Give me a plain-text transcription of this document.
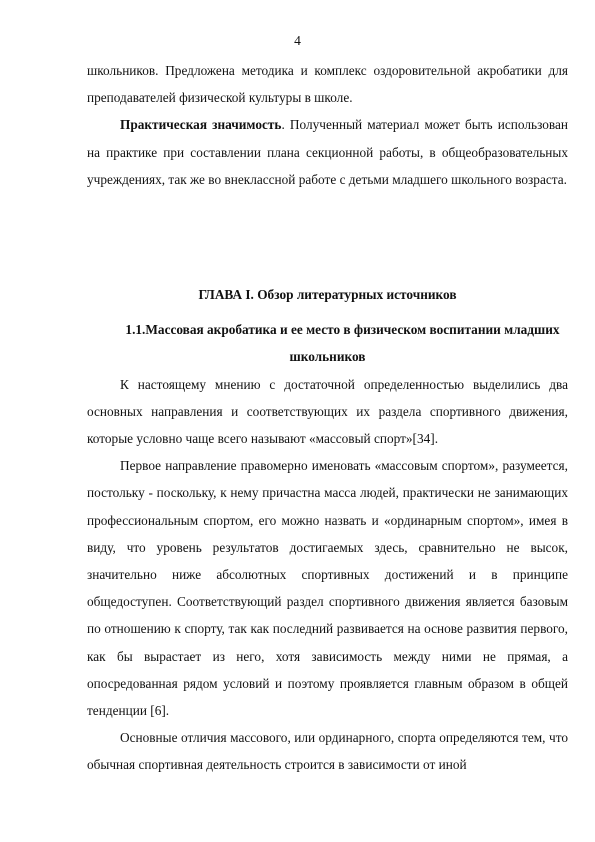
4

школьников. Предложена методика и комплекс оздоровительной акробатики для преподавателей физической культуры в школе.

Практическая значимость. Полученный материал может быть использован на практике при составлении плана секционной работы, в общеобразовательных учреждениях, так же во внеклассной работе с детьми младшего школьного возраста.

ГЛАВА I. Обзор литературных источников

1.1.Массовая акробатика и ее место в физическом воспитании младших школьников

К настоящему мнению с достаточной определенностью выделились два основных направления и соответствующих их раздела спортивного движения, которые условно чаще всего называют «массовый спорт»[34].

Первое направление правомерно именовать «массовым спортом», разумеется, постольку - поскольку, к нему причастна масса людей, практически не занимающих профессиональным спортом, его можно назвать и «ординарным спортом», имея в виду, что уровень результатов достигаемых здесь, сравнительно не высок, значительно ниже абсолютных спортивных достижений и в принципе общедоступен. Соответствующий раздел спортивного движения является базовым по отношению к спорту, так как последний развивается на основе развития первого, как бы вырастает из него, хотя зависимость между ними не прямая, а опосредованная рядом условий и поэтому проявляется главным образом в общей тенденции [6].

Основные отличия массового, или ординарного, спорта определяются тем, что обычная спортивная деятельность строится в зависимости от иной
